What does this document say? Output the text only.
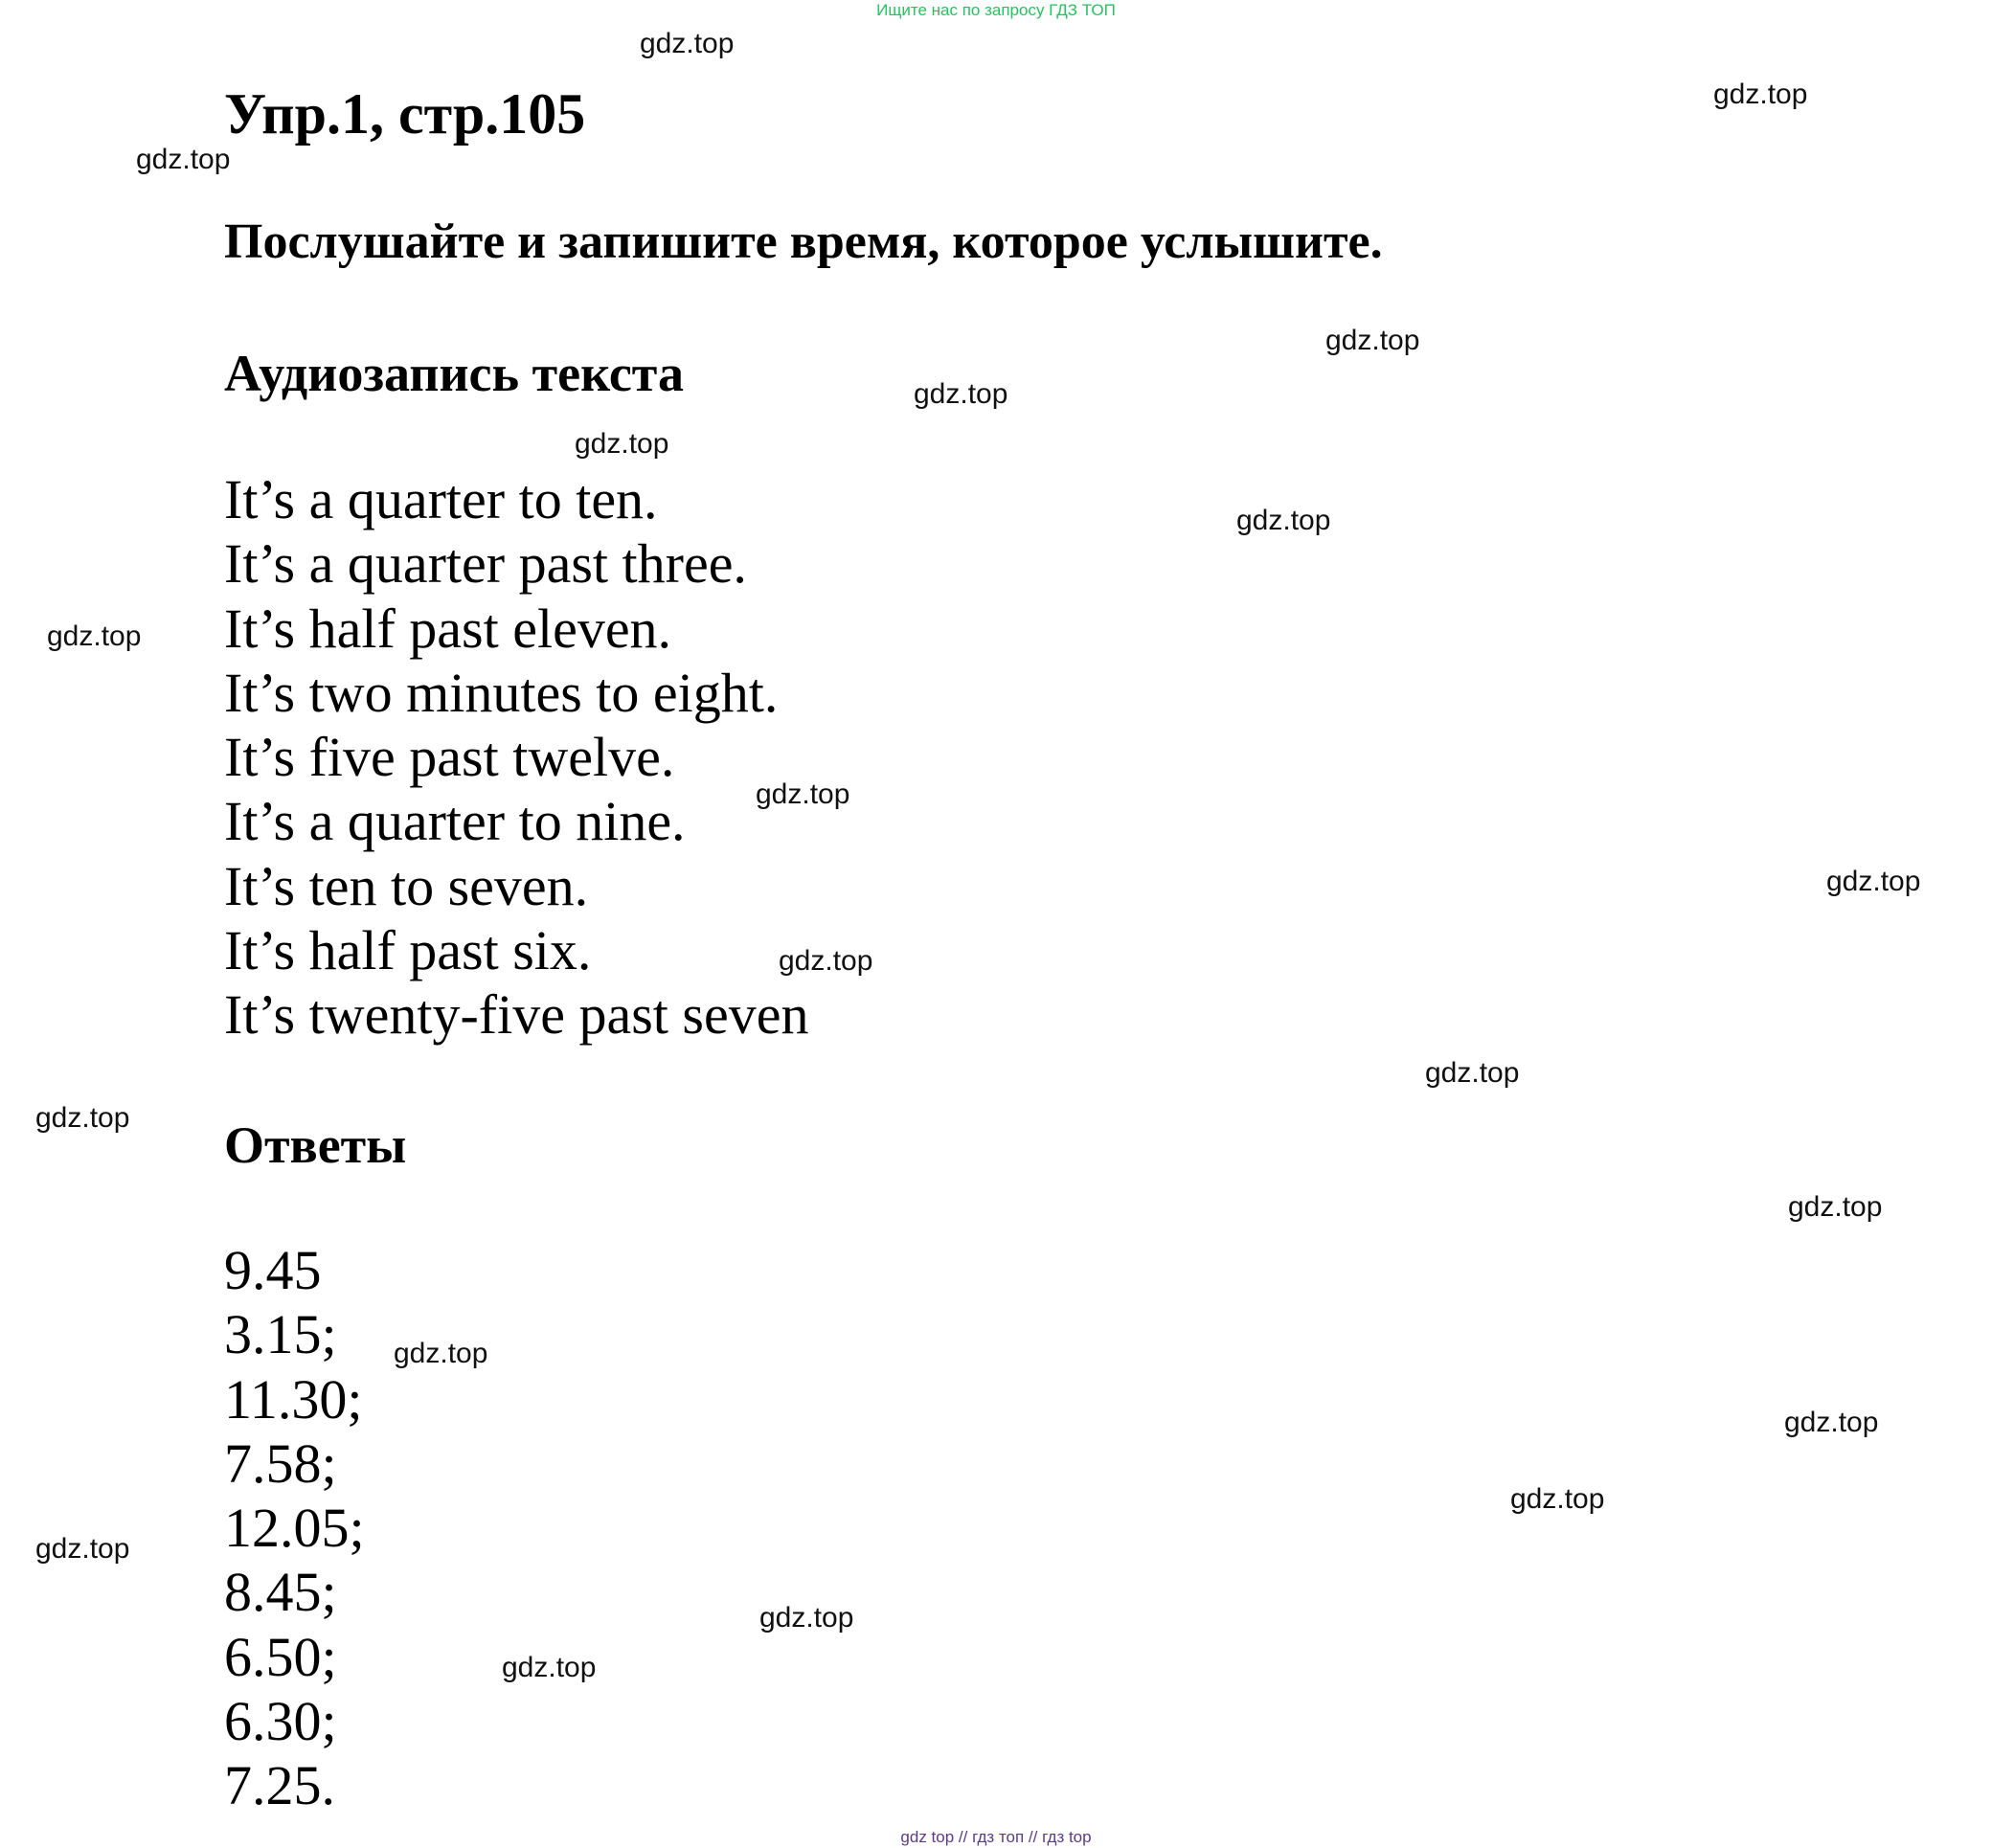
Ищите нас по запросу ГДЗ ТОП
Упр.1, стр.105
Послушайте и запишите время, которое услышите.
Аудиозапись текста
It’s a quarter to ten.
It’s a quarter past three.
It’s half past eleven.
It’s two minutes to eight.
It’s five past twelve.
It’s a quarter to nine.
It’s ten to seven.
It’s half past six.
It’s twenty-five past seven
Ответы
9.45
3.15;
11.30;
7.58;
12.05;
8.45;
6.50;
6.30;
7.25.
gdz.top
gdz.top
gdz.top
gdz.top
gdz.top
gdz.top
gdz.top
gdz.top
gdz.top
gdz.top
gdz.top
gdz.top
gdz.top
gdz.top
gdz.top
gdz.top
gdz.top
gdz.top
gdz.top
gdz.top
gdz top // гдз топ // гдз top
